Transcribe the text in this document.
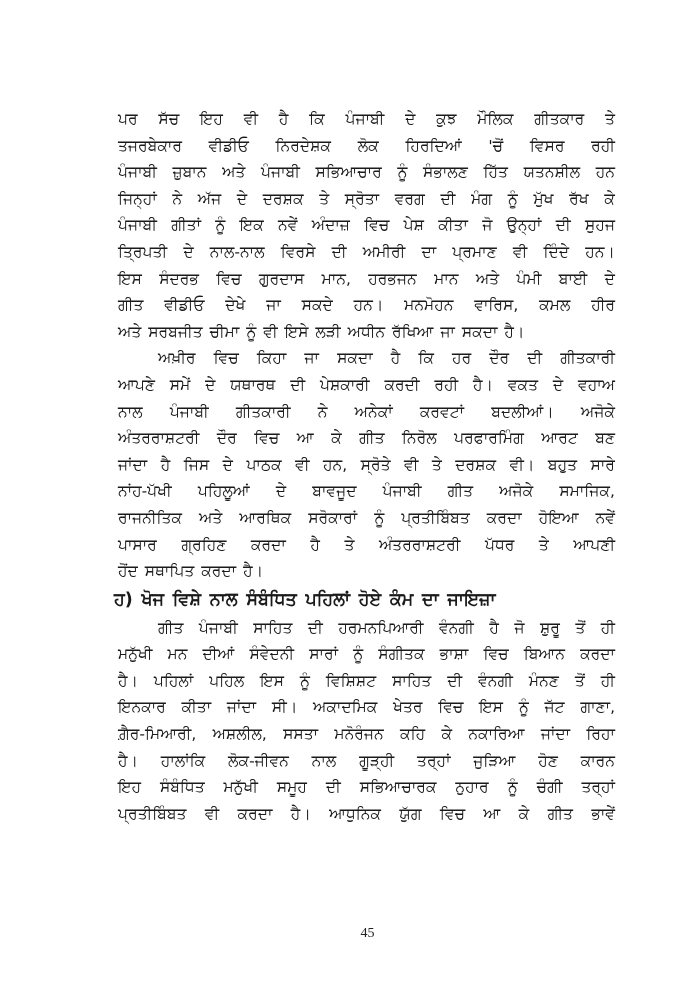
ਪਰ ਸੱਚ ਇਹ ਵੀ ਹੈ ਕਿ ਪੰਜਾਬੀ ਦੇ ਕੁਝ ਮੌਲਿਕ ਗੀਤਕਾਰ ਤੇ
ਤਜਰਬੇਕਾਰ ਵੀਡੀਓ ਨਿਰਦੇਸ਼ਕ ਲੋਕ ਹਿਰਦਿਆਂ 'ਚੋਂ ਵਿਸਰ ਰਹੀ
ਪੰਜਾਬੀ ਜ਼ੁਬਾਨ ਅਤੇ ਪੰਜਾਬੀ ਸਭਿਆਚਾਰ ਨੂੰ ਸੰਭਾਲਣ ਹਿੱਤ ਯਤਨਸ਼ੀਲ ਹਨ
ਜਿਨ੍ਹਾਂ ਨੇ ਅੱਜ ਦੇ ਦਰਸ਼ਕ ਤੇ ਸ੍ਰੋਤਾ ਵਰਗ ਦੀ ਮੰਗ ਨੂੰ ਮੁੱਖ ਰੱਖ ਕੇ
ਪੰਜਾਬੀ ਗੀਤਾਂ ਨੂੰ ਇਕ ਨਵੇਂ ਅੰਦਾਜ਼ ਵਿਚ ਪੇਸ਼ ਕੀਤਾ ਜੋ ਉਨ੍ਹਾਂ ਦੀ ਸੁਹਜ
ਤ੍ਰਿਪਤੀ ਦੇ ਨਾਲ-ਨਾਲ ਵਿਰਸੇ ਦੀ ਅਮੀਰੀ ਦਾ ਪ੍ਰਮਾਣ ਵੀ ਦਿੰਦੇ ਹਨ।
ਇਸ ਸੰਦਰਭ ਵਿਚ ਗੁਰਦਾਸ ਮਾਨ, ਹਰਭਜਨ ਮਾਨ ਅਤੇ ਪੰਮੀ ਬਾਈ ਦੇ
ਗੀਤ ਵੀਡੀਓ ਦੇਖੇ ਜਾ ਸਕਦੇ ਹਨ। ਮਨਮੋਹਨ ਵਾਰਿਸ, ਕਮਲ ਹੀਰ
ਅਤੇ ਸਰਬਜੀਤ ਚੀਮਾ ਨੂੰ ਵੀ ਇਸੇ ਲੜੀ ਅਧੀਨ ਰੱਖਿਆ ਜਾ ਸਕਦਾ ਹੈ।
ਅਖ਼ੀਰ ਵਿਚ ਕਿਹਾ ਜਾ ਸਕਦਾ ਹੈ ਕਿ ਹਰ ਦੌਰ ਦੀ ਗੀਤਕਾਰੀ
ਆਪਣੇ ਸਮੇਂ ਦੇ ਯਥਾਰਥ ਦੀ ਪੇਸ਼ਕਾਰੀ ਕਰਦੀ ਰਹੀ ਹੈ। ਵਕਤ ਦੇ ਵਹਾਅ
ਨਾਲ ਪੰਜਾਬੀ ਗੀਤਕਾਰੀ ਨੇ ਅਨੇਕਾਂ ਕਰਵਟਾਂ ਬਦਲੀਆਂ। ਅਜੋਕੇ
ਅੰਤਰਰਾਸ਼ਟਰੀ ਦੌਰ ਵਿਚ ਆ ਕੇ ਗੀਤ ਨਿਰੋਲ ਪਰਫਾਰਮਿੰਗ ਆਰਟ ਬਣ
ਜਾਂਦਾ ਹੈ ਜਿਸ ਦੇ ਪਾਠਕ ਵੀ ਹਨ, ਸ੍ਰੋਤੇ ਵੀ ਤੇ ਦਰਸ਼ਕ ਵੀ। ਬਹੁਤ ਸਾਰੇ
ਨਾਂਹ-ਪੱਖੀ ਪਹਿਲੂਆਂ ਦੇ ਬਾਵਜੂਦ ਪੰਜਾਬੀ ਗੀਤ ਅਜੋਕੇ ਸਮਾਜਿਕ,
ਰਾਜਨੀਤਿਕ ਅਤੇ ਆਰਥਿਕ ਸਰੋਕਾਰਾਂ ਨੂੰ ਪ੍ਰਤੀਬਿੰਬਤ ਕਰਦਾ ਹੋਇਆ ਨਵੇਂ
ਪਾਸਾਰ ਗ੍ਰਹਿਣ ਕਰਦਾ ਹੈ ਤੇ ਅੰਤਰਰਾਸ਼ਟਰੀ ਪੱਧਰ ਤੇ ਆਪਣੀ
ਹੋਂਦ ਸਥਾਪਿਤ ਕਰਦਾ ਹੈ।
ਹ) ਖੋਜ ਵਿਸ਼ੇ ਨਾਲ ਸੰਬੰਧਿਤ ਪਹਿਲਾਂ ਹੋਏ ਕੰਮ ਦਾ ਜਾਇਜ਼ਾ
ਗੀਤ ਪੰਜਾਬੀ ਸਾਹਿਤ ਦੀ ਹਰਮਨਪਿਆਰੀ ਵੰਨਗੀ ਹੈ ਜੋ ਸ਼ੁਰੂ ਤੋਂ ਹੀ
ਮਨੁੱਖੀ ਮਨ ਦੀਆਂ ਸੰਵੇਦਨੀ ਸਾਰਾਂ ਨੂੰ ਸੰਗੀਤਕ ਭਾਸ਼ਾ ਵਿਚ ਬਿਆਨ ਕਰਦਾ
ਹੈ। ਪਹਿਲਾਂ ਪਹਿਲ ਇਸ ਨੂੰ ਵਿਸ਼ਿਸ਼ਟ ਸਾਹਿਤ ਦੀ ਵੰਨਗੀ ਮੰਨਣ ਤੋਂ ਹੀ
ਇਨਕਾਰ ਕੀਤਾ ਜਾਂਦਾ ਸੀ। ਅਕਾਦਮਿਕ ਖੇਤਰ ਵਿਚ ਇਸ ਨੂੰ ਜੱਟ ਗਾਣਾ,
ਗ਼ੈਰ-ਮਿਆਰੀ, ਅਸ਼ਲੀਲ, ਸਸਤਾ ਮਨੋਰੰਜਨ ਕਹਿ ਕੇ ਨਕਾਰਿਆ ਜਾਂਦਾ ਰਿਹਾ
ਹੈ। ਹਾਲਾਂਕਿ ਲੋਕ-ਜੀਵਨ ਨਾਲ ਗੂੜ੍ਹੀ ਤਰ੍ਹਾਂ ਜੁੜਿਆ ਹੋਣ ਕਾਰਨ
ਇਹ ਸੰਬੰਧਿਤ ਮਨੁੱਖੀ ਸਮੂਹ ਦੀ ਸਭਿਆਚਾਰਕ ਨੁਹਾਰ ਨੂੰ ਚੰਗੀ ਤਰ੍ਹਾਂ
ਪ੍ਰਤੀਬਿੰਬਤ ਵੀ ਕਰਦਾ ਹੈ। ਆਧੁਨਿਕ ਯੁੱਗ ਵਿਚ ਆ ਕੇ ਗੀਤ ਭਾਵੇਂ
45
